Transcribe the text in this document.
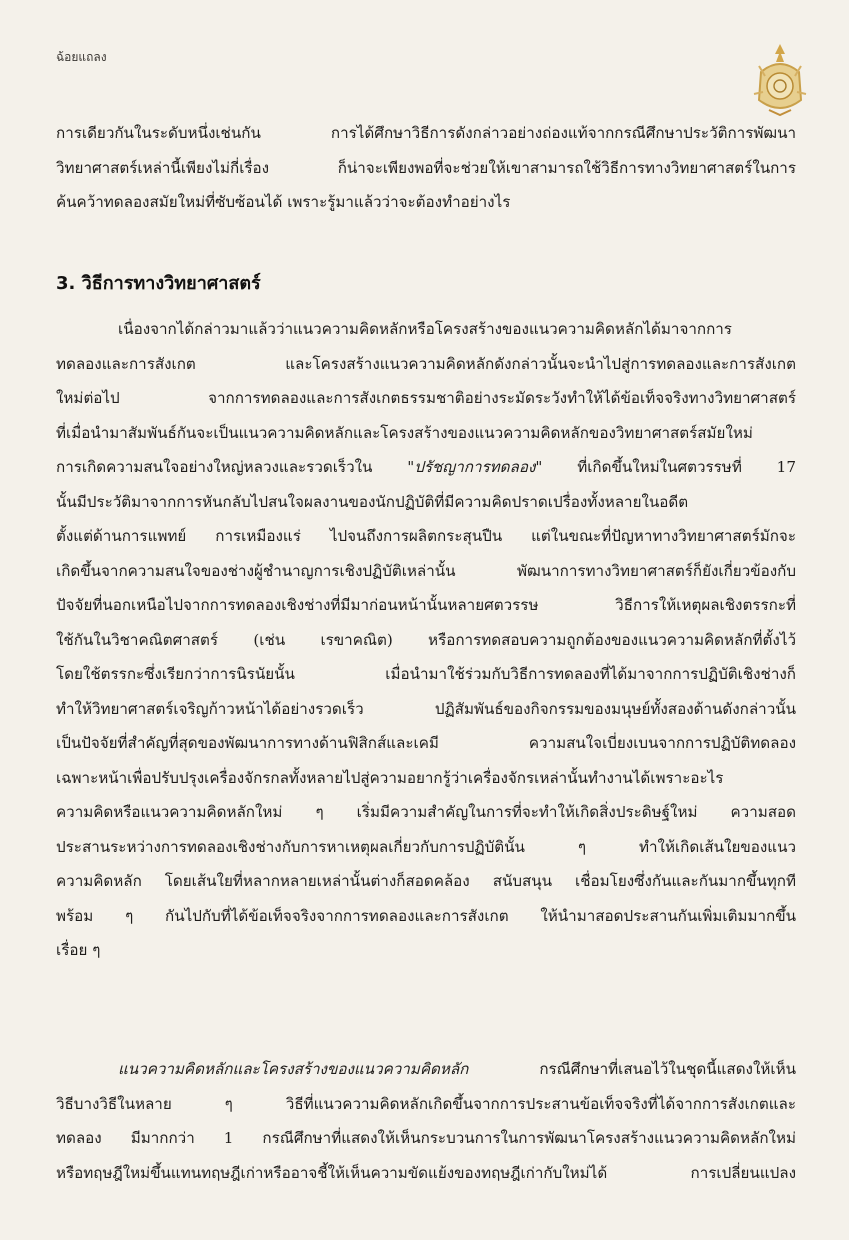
ฉ้อยแถลง

การเดียวกันในระดับหนึ่งเช่นกัน การได้ศึกษาวิธีการดังกล่าวอย่างถ่องแท้จากกรณีศึกษาประวัติการพัฒนา

วิทยาศาสตร์เหล่านี้เพียงไม่กี่เรื่อง ก็น่าจะเพียงพอที่จะช่วยให้เขาสามารถใช้วิธีการทางวิทยาศาสตร์ในการ

ค้นคว้าทดลองสมัยใหม่ที่ซับซ้อนได้ เพราะรู้มาแล้วว่าจะต้องทำอย่างไร

3. วิธีการทางวิทยาศาสตร์

เนื่องจากได้กล่าวมาแล้วว่าแนวความคิดหลักหรือโครงสร้างของแนวความคิดหลักได้มาจากการ

ทดลองและการสังเกต และโครงสร้างแนวความคิดหลักดังกล่าวนั้นจะนำไปสู่การทดลองและการสังเกต

ใหม่ต่อไป จากการทดลองและการสังเกตธรรมชาติอย่างระมัดระวังทำให้ได้ข้อเท็จจริงทางวิทยาศาสตร์

ที่เมื่อนำมาสัมพันธ์กันจะเป็นแนวความคิดหลักและโครงสร้างของแนวความคิดหลักของวิทยาศาสตร์สมัยใหม่

การเกิดความสนใจอย่างใหญ่หลวงและรวดเร็วใน "ปรัชญาการทดลอง" ที่เกิดขึ้นใหม่ในศตวรรษที่ 17

นั้นมีประวัติมาจากการหันกลับไปสนใจผลงานของนักปฏิบัติที่มีความคิดปราดเปรื่องทั้งหลายในอดีต

ตั้งแต่ด้านการแพทย์ การเหมืองแร่ ไปจนถึงการผลิตกระสุนปืน แต่ในขณะที่ปัญหาทางวิทยาศาสตร์มักจะ

เกิดขึ้นจากความสนใจของช่างผู้ชำนาญการเชิงปฏิบัติเหล่านั้น พัฒนาการทางวิทยาศาสตร์ก็ยังเกี่ยวข้องกับ

ปัจจัยที่นอกเหนือไปจากการทดลองเชิงช่างที่มีมาก่อนหน้านั้นหลายศตวรรษ วิธีการให้เหตุผลเชิงตรรกะที่

ใช้กันในวิชาคณิตศาสตร์ (เช่น เรขาคณิต) หรือการทดสอบความถูกต้องของแนวความคิดหลักที่ตั้งไว้

โดยใช้ตรรกะซึ่งเรียกว่าการนิรนัยนั้น เมื่อนำมาใช้ร่วมกับวิธีการทดลองที่ได้มาจากการปฏิบัติเชิงช่างก็

ทำให้วิทยาศาสตร์เจริญก้าวหน้าได้อย่างรวดเร็ว ปฏิสัมพันธ์ของกิจกรรมของมนุษย์ทั้งสองด้านดังกล่าวนั้น

เป็นปัจจัยที่สำคัญที่สุดของพัฒนาการทางด้านฟิสิกส์และเคมี ความสนใจเบี่ยงเบนจากการปฏิบัติทดลอง

เฉพาะหน้าเพื่อปรับปรุงเครื่องจักรกลทั้งหลายไปสู่ความอยากรู้ว่าเครื่องจักรเหล่านั้นทำงานได้เพราะอะไร

ความคิดหรือแนวความคิดหลักใหม่ ๆ เริ่มมีความสำคัญในการที่จะทำให้เกิดสิ่งประดิษฐ์ใหม่ ความสอด

ประสานระหว่างการทดลองเชิงช่างกับการหาเหตุผลเกี่ยวกับการปฏิบัตินั้น ๆ ทำให้เกิดเส้นใยของแนว

ความคิดหลัก โดยเส้นใยที่หลากหลายเหล่านั้นต่างก็สอดคล้อง สนับสนุน เชื่อมโยงซึ่งกันและกันมากขึ้นทุกที

พร้อม ๆ กันไปกับที่ได้ข้อเท็จจริงจากการทดลองและการสังเกต ให้นำมาสอดประสานกันเพิ่มเติมมากขึ้น

เรื่อย ๆ

แนวความคิดหลักและโครงสร้างของแนวความคิดหลัก กรณีศึกษาที่เสนอไว้ในชุดนี้แสดงให้เห็น

วิธีบางวิธีในหลาย ๆ วิธีที่แนวความคิดหลักเกิดขึ้นจากการประสานข้อเท็จจริงที่ได้จากการสังเกตและ

ทดลอง มีมากกว่า 1 กรณีศึกษาที่แสดงให้เห็นกระบวนการในการพัฒนาโครงสร้างแนวความคิดหลักใหม่

หรือทฤษฎีใหม่ขึ้นแทนทฤษฎีเก่าหรืออาจชี้ให้เห็นความขัดแย้งของทฤษฎีเก่ากับใหม่ได้ การเปลี่ยนแปลง
